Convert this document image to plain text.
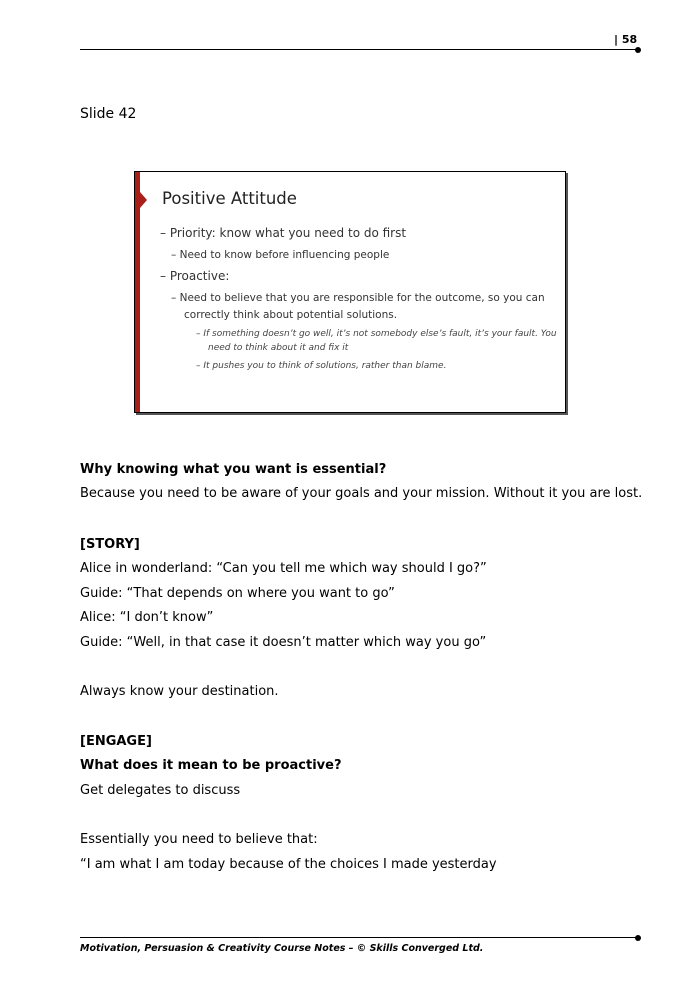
| 58
Slide 42
Positive Attitude
– Priority: know what you need to do first
– Need to know before influencing people
– Proactive:
– Need to believe that you are responsible for the outcome, so you can
correctly think about potential solutions.
– If something doesn’t go well, it’s not somebody else’s fault, it’s your fault. You
need to think about it and fix it
– It pushes you to think of solutions, rather than blame.
Why knowing what you want is essential?
Because you need to be aware of your goals and your mission. Without it you are lost.
[STORY]
Alice in wonderland: “Can you tell me which way should I go?”
Guide: “That depends on where you want to go”
Alice: “I don’t know”
Guide: “Well, in that case it doesn’t matter which way you go”
Always know your destination.
[ENGAGE]
What does it mean to be proactive?
Get delegates to discuss
Essentially you need to believe that:
“I am what I am today because of the choices I made yesterday
Motivation, Persuasion & Creativity Course Notes – © Skills Converged Ltd.
